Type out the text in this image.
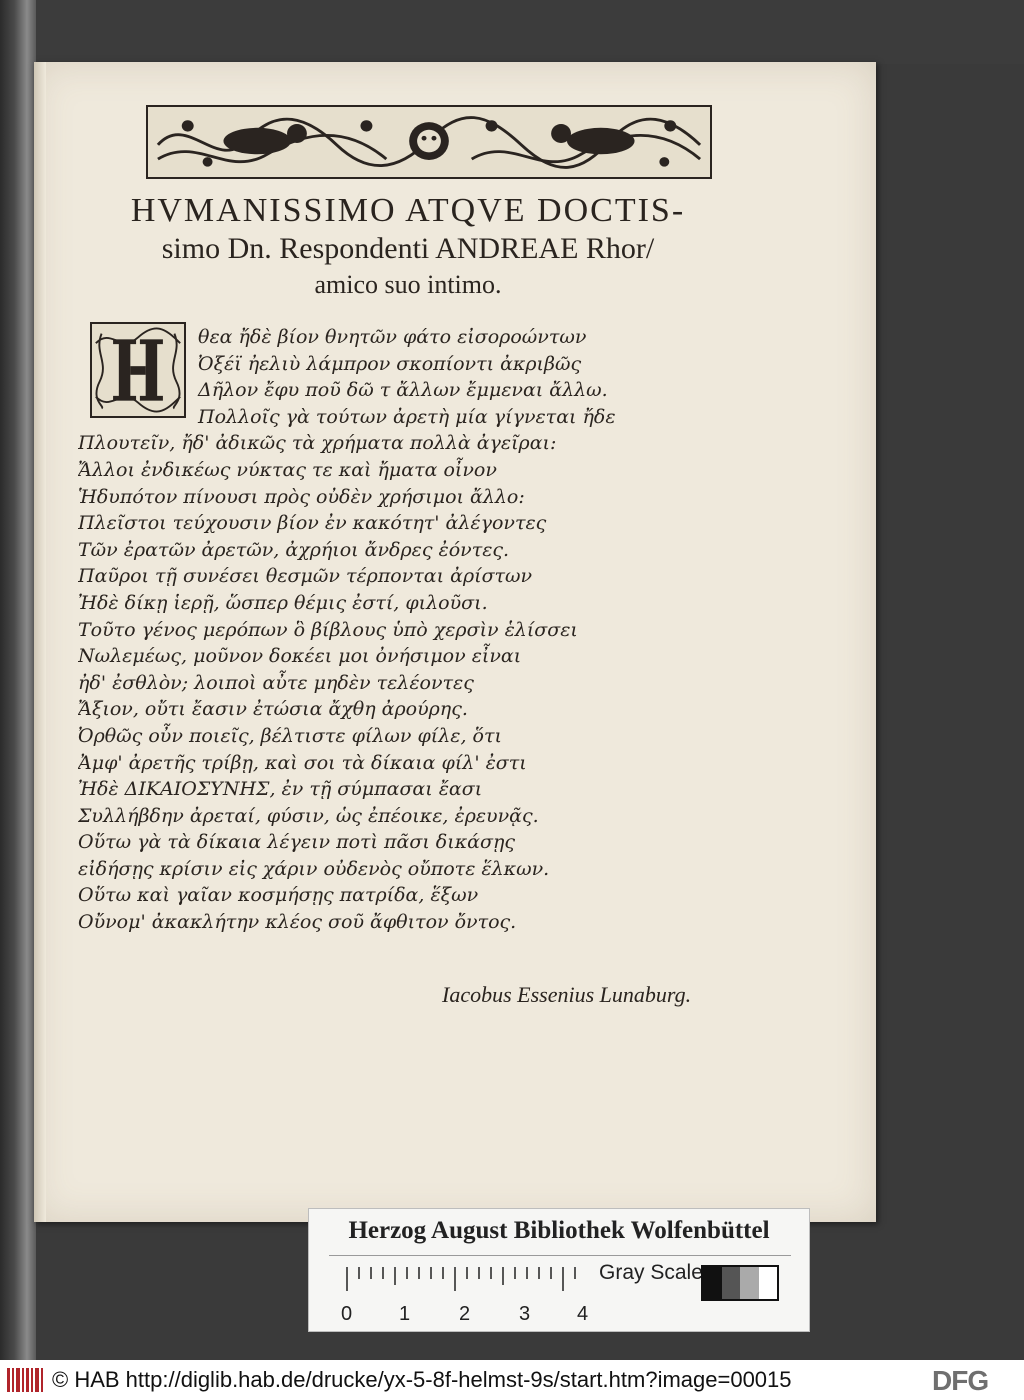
HVMANISSIMO ATQVE DOCTIS-
simo Dn. Respondenti ANDREAE Rhor/
amico suo intimo.
θεα ἤδὲ βίον θνητῶν φάτο εἰσοροώντων
Ὀξέϊ ἠελιὺ λάμπρον σκοπίοντι ἀκριβῶς
Δῆλον ἔφυ ποῦ δῶ τ ἄλλων ἔμμεναι ἄλλω.
Πολλοῖς γὰ τούτων ἀρετὴ μία γίγνεται ἤδε
Πλουτεῖν, ἤδ' ἀδικῶς τὰ χρήματα πολλὰ ἀγεῖραι:
Ἄλλοι ἐνδικέως νύκτας τε καὶ ἤματα οἶνον
Ἡδυπότον πίνουσι πρὸς οὐδὲν χρήσιμοι ἄλλο:
Πλεῖστοι τεύχουσιν βίον ἐν κακότητ' ἀλέγοντες
Τῶν ἐρατῶν ἀρετῶν, ἀχρήιοι ἄνδρες ἐόντες.
Παῦροι τῇ συνέσει θεσμῶν τέρπονται ἀρίστων
Ἠδὲ δίκῃ ἱερῇ, ὥσπερ θέμις ἐστί, φιλοῦσι.
Τοῦτο γένος μερόπων ὃ βίβλους ὑπὸ χερσὶν ἑλίσσει
Νωλεμέως, μοῦνον δοκέει μοι ὀνήσιμον εἶναι
ἠδ' ἐσθλὸν; λοιποὶ αὖτε μηδὲν τελέοντες
Ἄξιον, οὔτι ἔασιν ἐτώσια ἄχθη ἀρούρης.
Ὀρθῶς οὖν ποιεῖς, βέλτιστε φίλων φίλε, ὅτι
Ἀμφ' ἀρετῆς τρίβῃ, καὶ σοι τὰ δίκαια φίλ' ἐστι
Ἠδὲ ΔΙΚΑΙΟΣΥΝΗΣ, ἐν τῇ σύμπασαι ἔασι
Συλλήβδην ἀρεταί, φύσιν, ὡς ἐπέοικε, ἐρευνᾷς.
Οὕτω γὰ τὰ δίκαια λέγειν ποτὶ πᾶσι δικάσῃς
εἰδήσῃς κρίσιν εἰς χάριν οὐδενὸς οὔποτε ἕλκων.
Οὕτω καὶ γαῖαν κοσμήσῃς πατρίδα, ἕξων
Οὔνομ' ἀκακλήτην κλέος σοῦ ἄφθιτον ὄντος.
Iacobus Essenius Lunaburg.
Herzog August Bibliothek Wolfenbüttel
0 1 2 3 4
Gray Scale
© HAB http://diglib.hab.de/drucke/yx-5-8f-helmst-9s/start.htm?image=00015	DFG
